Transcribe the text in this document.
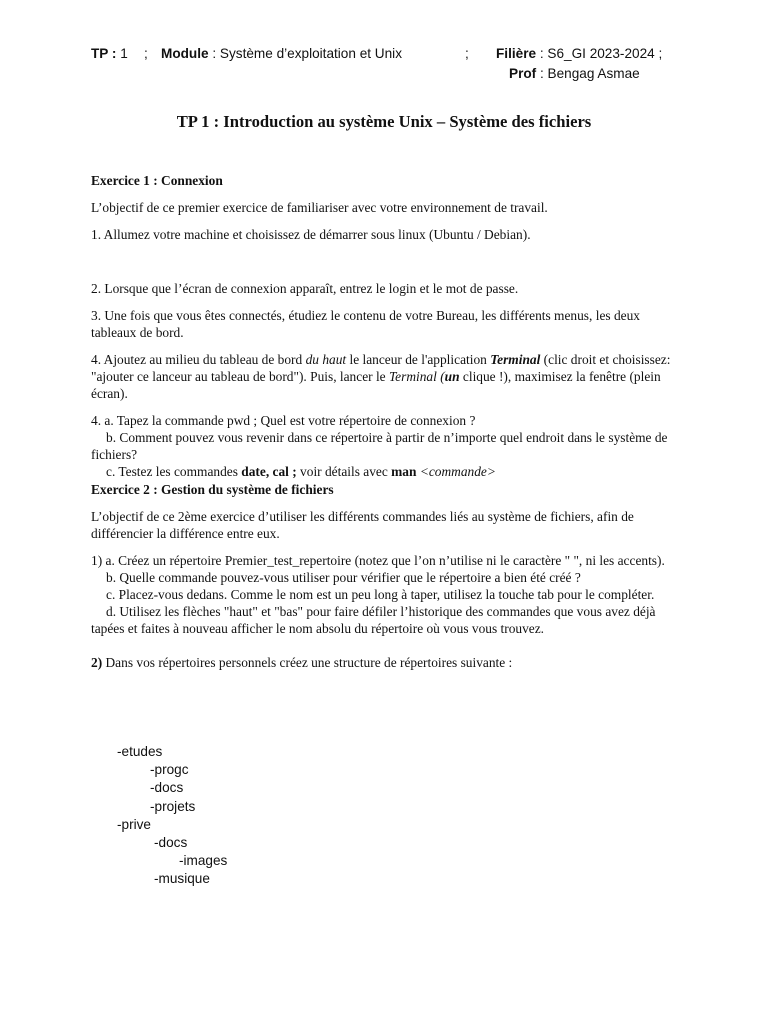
TP : 1 ; Module : Système d’exploitation et Unix	; Filière : S6_GI 2023-2024 ;
Prof : Bengag Asmae
TP 1 : Introduction au système Unix – Système des fichiers

Exercice 1 : Connexion

L’objectif de ce premier exercice de familiariser avec votre environnement de travail.

1. Allumez votre machine et choisissez de démarrer sous linux (Ubuntu / Debian).

2. Lorsque que l’écran de connexion apparaît, entrez le login et le mot de passe.

3. Une fois que vous êtes connectés, étudiez le contenu de votre Bureau, les différents menus, les deux tableaux de bord.

4. Ajoutez au milieu du tableau de bord du haut le lanceur de l'application Terminal (clic droit et choisissez: "ajouter ce lanceur au tableau de bord"). Puis, lancer le Terminal (un clique !), maximisez la fenêtre (plein écran).

4. a. Tapez la commande pwd ; Quel est votre répertoire de connexion ?

b. Comment pouvez vous revenir dans ce répertoire à partir de n’importe quel endroit dans le système de fichiers?

c. Testez les commandes date, cal ; voir détails avec man <commande>

Exercice 2 : Gestion du système de fichiers

L’objectif de ce 2ème exercice d’utiliser les différents commandes liés au système de fichiers, afin de différencier la différence entre eux.

1) a. Créez un répertoire Premier_test_repertoire (notez que l’on n’utilise ni le caractère " ", ni les accents).

b. Quelle commande pouvez-vous utiliser pour vérifier que le répertoire a bien été créé ?

c. Placez-vous dedans. Comme le nom est un peu long à taper, utilisez la touche tab pour le compléter.

d. Utilisez les flèches "haut" et "bas" pour faire défiler l’historique des commandes que vous avez déjà tapées et faites à nouveau afficher le nom absolu du répertoire où vous vous trouvez.

2) Dans vos répertoires personnels créez une structure de répertoires suivante :

-etudes
-progc
-docs
-projets
-prive
-docs
-images
-musique
